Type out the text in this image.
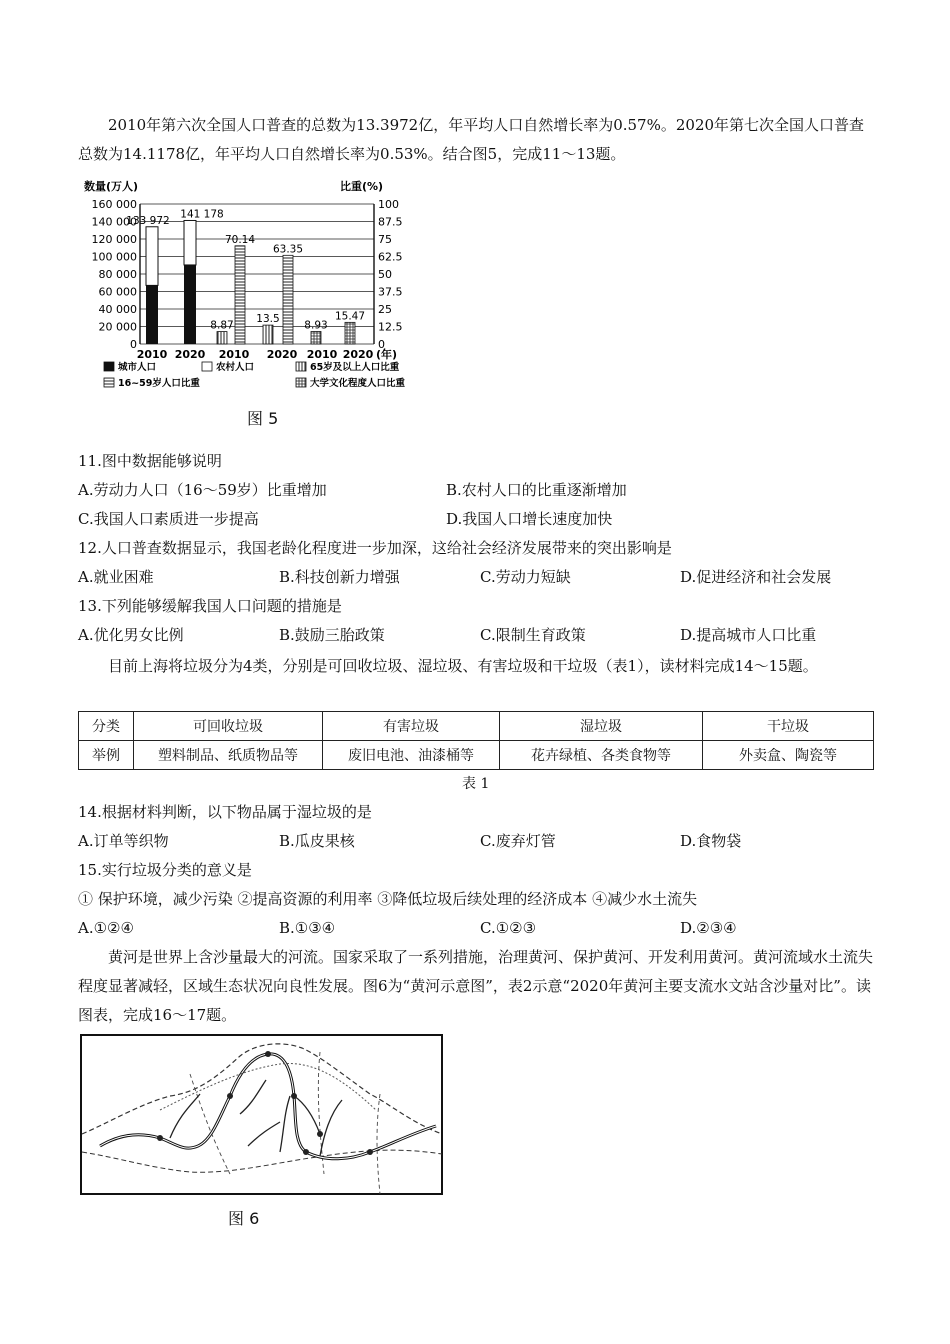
2010年第六次全国人口普查的总数为13.3972亿，年平均人口自然增长率为0.57%。2020年第七次全国人口普查总数为14.1178亿，年平均人口自然增长率为0.53%。结合图5，完成11～13题。

数量(万人)	比重(%)
160 000
140 000
120 000
100 000
80 000
60 000
40 000
20 000
0
100
87.5
75
62.5
50
37.5
25
12.5
0
2010 2020 2010 2020 2010 2020 (年)
133 972
141 178
8.87
70.14
13.5
63.35
8.93
15.47
城市人口	农村人口	65岁及以上人口比重
16~59岁人口比重	大学文化程度人口比重
图 5
11.图中数据能够说明
A.劳动力人口（16～59岁）比重增加	B.农村人口的比重逐渐增加
C.我国人口素质进一步提高	D.我国人口增长速度加快
12.人口普查数据显示，我国老龄化程度进一步加深，这给社会经济发展带来的突出影响是
A.就业困难	B.科技创新力增强	C.劳动力短缺	D.促进经济和社会发展
13.下列能够缓解我国人口问题的措施是
A.优化男女比例	B.鼓励三胎政策	C.限制生育政策	D.提高城市人口比重

目前上海将垃圾分为4类，分别是可回收垃圾、湿垃圾、有害垃圾和干垃圾（表1），读材料完成14～15题。

分类	可回收垃圾	有害垃圾	湿垃圾	干垃圾
举例	塑料制品、纸质物品等	废旧电池、油漆桶等	花卉绿植、各类食物等	外卖盒、陶瓷等
表 1
14.根据材料判断，以下物品属于湿垃圾的是
A.订单等织物	B.瓜皮果核	C.废弃灯管	D.食物袋
15.实行垃圾分类的意义是
① 保护环境，减少污染 ②提高资源的利用率 ③降低垃圾后续处理的经济成本 ④减少水土流失
A.①②④	B.①③④	C.①②③	D.②③④

黄河是世界上含沙量最大的河流。国家采取了一系列措施，治理黄河、保护黄河、开发利用黄河。黄河流域水土流失程度显著减轻，区域生态状况向良性发展。图6为“黄河示意图”，表2示意“2020年黄河主要支流水文站含沙量对比”。读图表，完成16～17题。

图 6
